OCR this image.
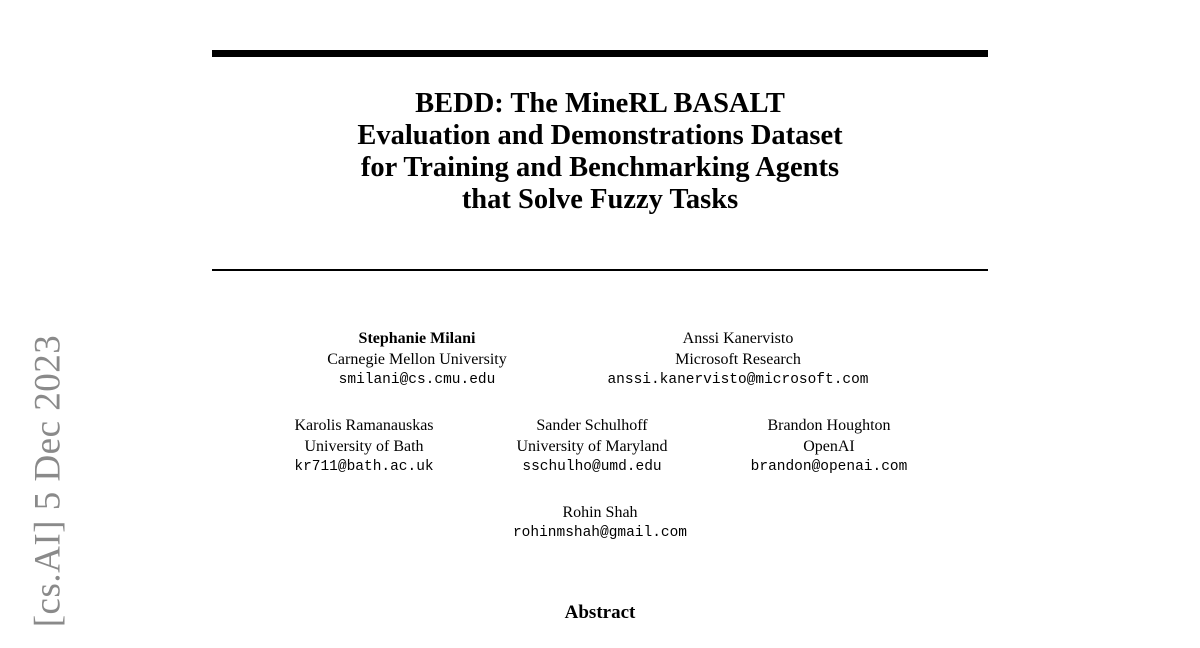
BEDD: The MineRL BASALT
Evaluation and Demonstrations Dataset
for Training and Benchmarking Agents
that Solve Fuzzy Tasks
[cs.AI] 5 Dec 2023	Stephanie Milani
Carnegie Mellon University
smilani@cs.cmu.edu
Anssi Kanervisto
Microsoft Research
anssi.kanervisto@microsoft.com
Karolis Ramanauskas
University of Bath
kr711@bath.ac.uk
Sander Schulhoff
University of Maryland
sschulho@umd.edu
Brandon Houghton
OpenAI
brandon@openai.com
Rohin Shah
rohinmshah@gmail.com
Abstract
